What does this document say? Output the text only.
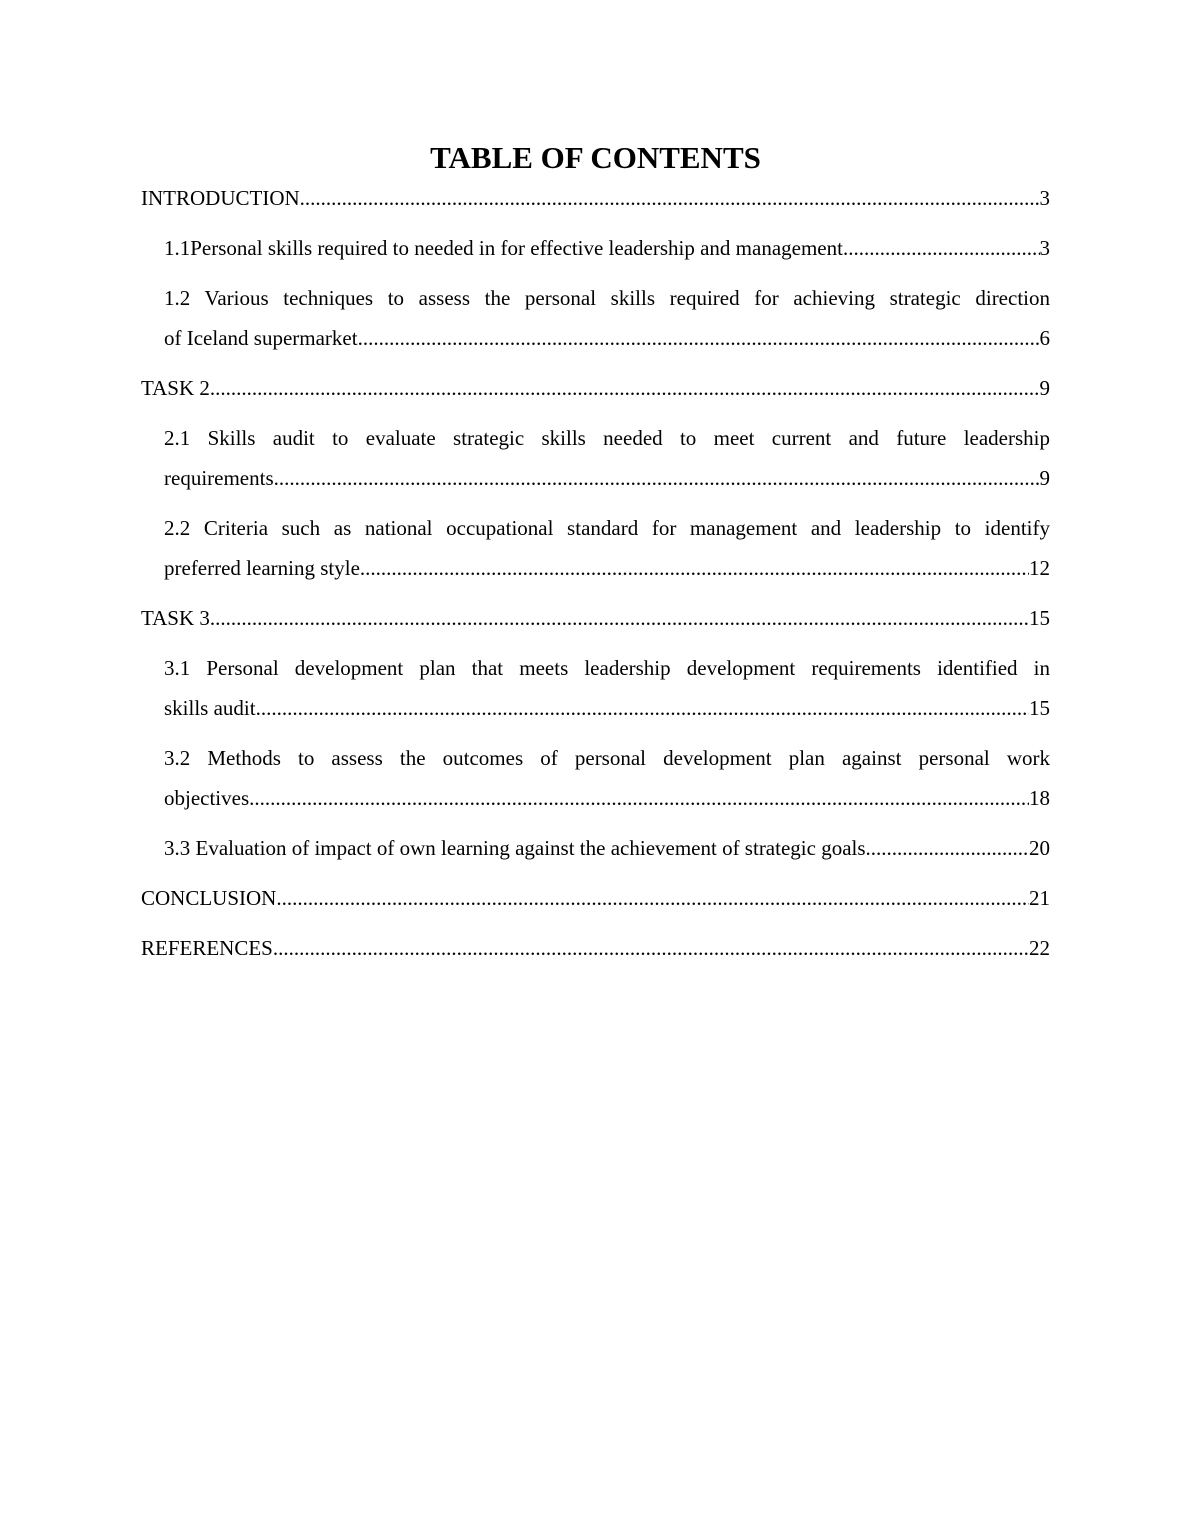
TABLE OF CONTENTS
INTRODUCTION .....	3
1.1Personal skills required to needed in for effective leadership and management .....	3
1.2 Various techniques to assess the personal skills required for achieving strategic direction
of Iceland supermarket .....	6
TASK 2 .....	9
2.1 Skills audit to evaluate strategic skills needed to meet current and future leadership
requirements .....	9
2.2 Criteria such as national occupational standard for management and leadership to identify
preferred learning style .....	12
TASK 3 .....	15
3.1 Personal development plan that meets leadership development requirements identified in
skills audit .....	15
3.2 Methods to assess the outcomes of personal development plan against personal work
objectives .....	18
3.3 Evaluation of impact of own learning against the achievement of strategic goals .....	20
CONCLUSION .....	21
REFERENCES .....	22
